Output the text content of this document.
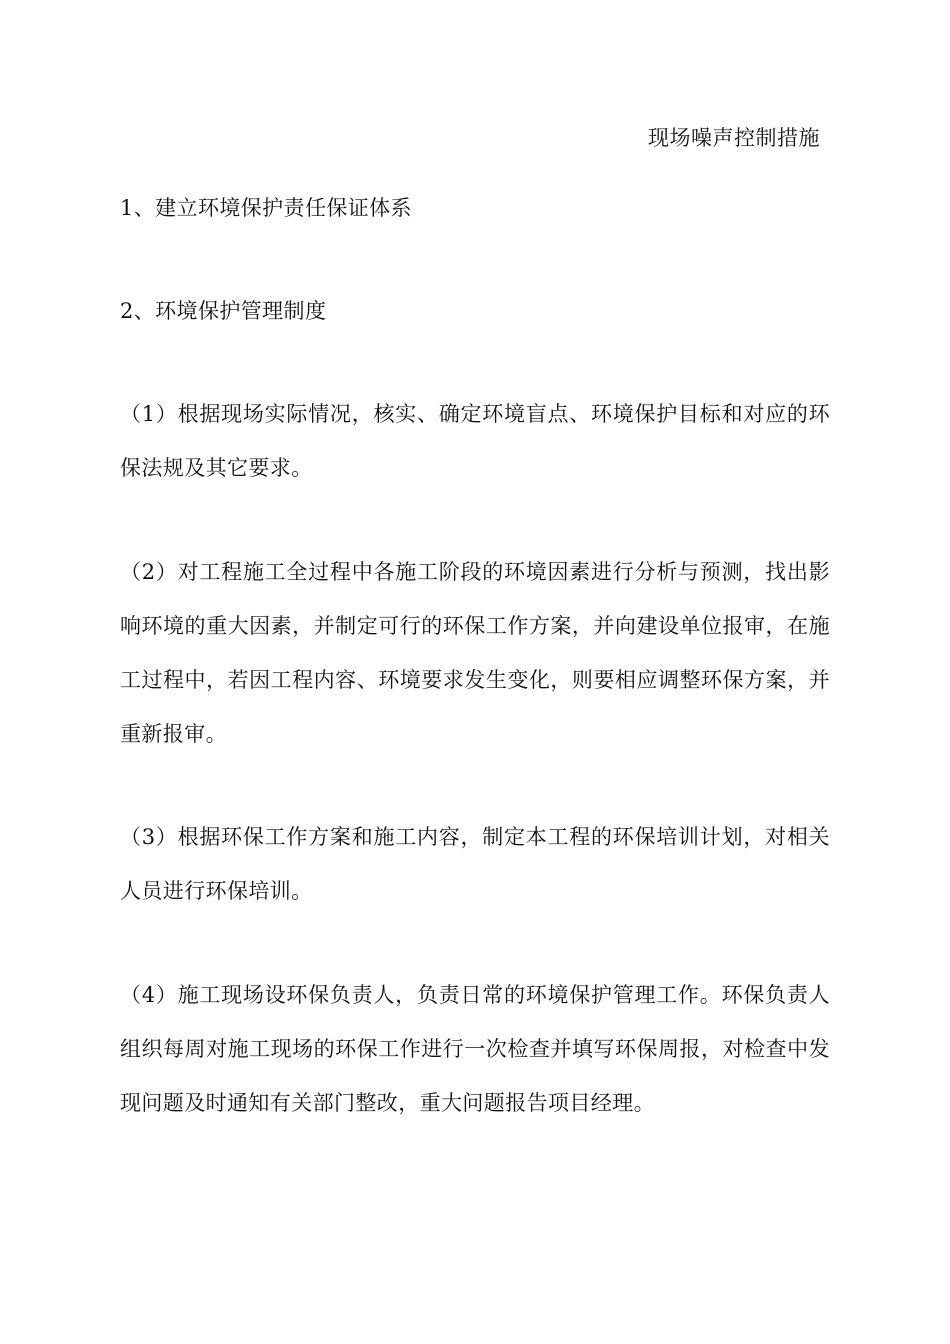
现场噪声控制措施
1、建立环境保护责任保证体系
2、环境保护管理制度
（1）根据现场实际情况，核实、确定环境盲点、环境保护目标和对应的环保法规及其它要求。
（2）对工程施工全过程中各施工阶段的环境因素进行分析与预测，找出影响环境的重大因素，并制定可行的环保工作方案，并向建设单位报审，在施工过程中，若因工程内容、环境要求发生变化，则要相应调整环保方案，并重新报审。
（3）根据环保工作方案和施工内容，制定本工程的环保培训计划，对相关人员进行环保培训。
（4）施工现场设环保负责人，负责日常的环境保护管理工作。环保负责人组织每周对施工现场的环保工作进行一次检查并填写环保周报，对检查中发现问题及时通知有关部门整改，重大问题报告项目经理。
